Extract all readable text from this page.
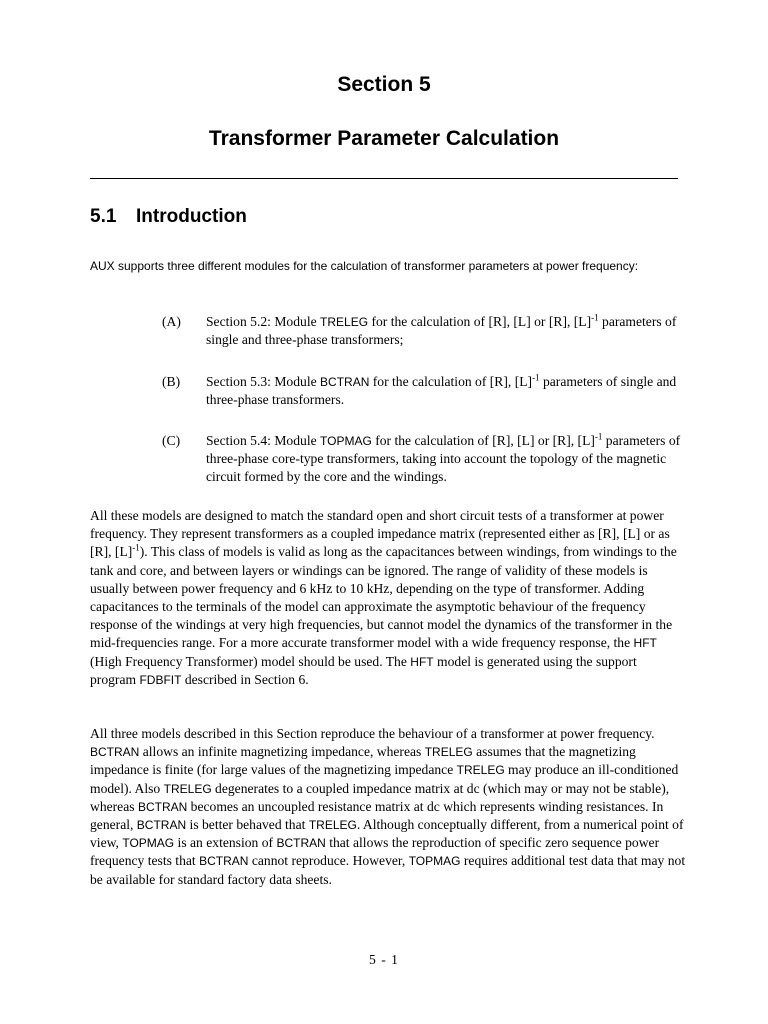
Section 5
Transformer Parameter Calculation
5.1 Introduction

AUX supports three different modules for the calculation of transformer parameters at power frequency:

(A) Section 5.2: Module TRELEG for the calculation of [R], [L] or [R], $[L]^{-1}$ parameters of single and three-phase transformers;
(B) Section 5.3: Module BCTRAN for the calculation of [R], $[L]^{-1}$ parameters of single and three-phase transformers.
(C) Section 5.4: Module TOPMAG for the calculation of [R], [L] or [R], $[L]^{-1}$ parameters of three-phase core-type transformers, taking into account the topology of the magnetic circuit formed by the core and the windings.

All these models are designed to match the standard open and short circuit tests of a transformer at power frequency. They represent transformers as a coupled impedance matrix (represented either as [R], [L] or as [R], $[L]^{-1}$). This class of models is valid as long as the capacitances between windings, from windings to the tank and core, and between layers or windings can be ignored. The range of validity of these models is usually between power frequency and 6 kHz to 10 kHz, depending on the type of transformer. Adding capacitances to the terminals of the model can approximate the asymptotic behaviour of the frequency response of the windings at very high frequencies, but cannot model the dynamics of the transformer in the mid-frequencies range. For a more accurate transformer model with a wide frequency response, the HFT (High Frequency Transformer) model should be used. The HFT model is generated using the support program FDBFIT described in Section 6.

All three models described in this Section reproduce the behaviour of a transformer at power frequency. BCTRAN allows an infinite magnetizing impedance, whereas TRELEG assumes that the magnetizing impedance is finite (for large values of the magnetizing impedance TRELEG may produce an ill-conditioned model). Also TRELEG degenerates to a coupled impedance matrix at dc (which may or may not be stable), whereas BCTRAN becomes an uncoupled resistance matrix at dc which represents winding resistances. In general, BCTRAN is better behaved that TRELEG. Although conceptually different, from a numerical point of view, TOPMAG is an extension of BCTRAN that allows the reproduction of specific zero sequence power frequency tests that BCTRAN cannot reproduce. However, TOPMAG requires additional test data that may not be available for standard factory data sheets.

5 - 1
